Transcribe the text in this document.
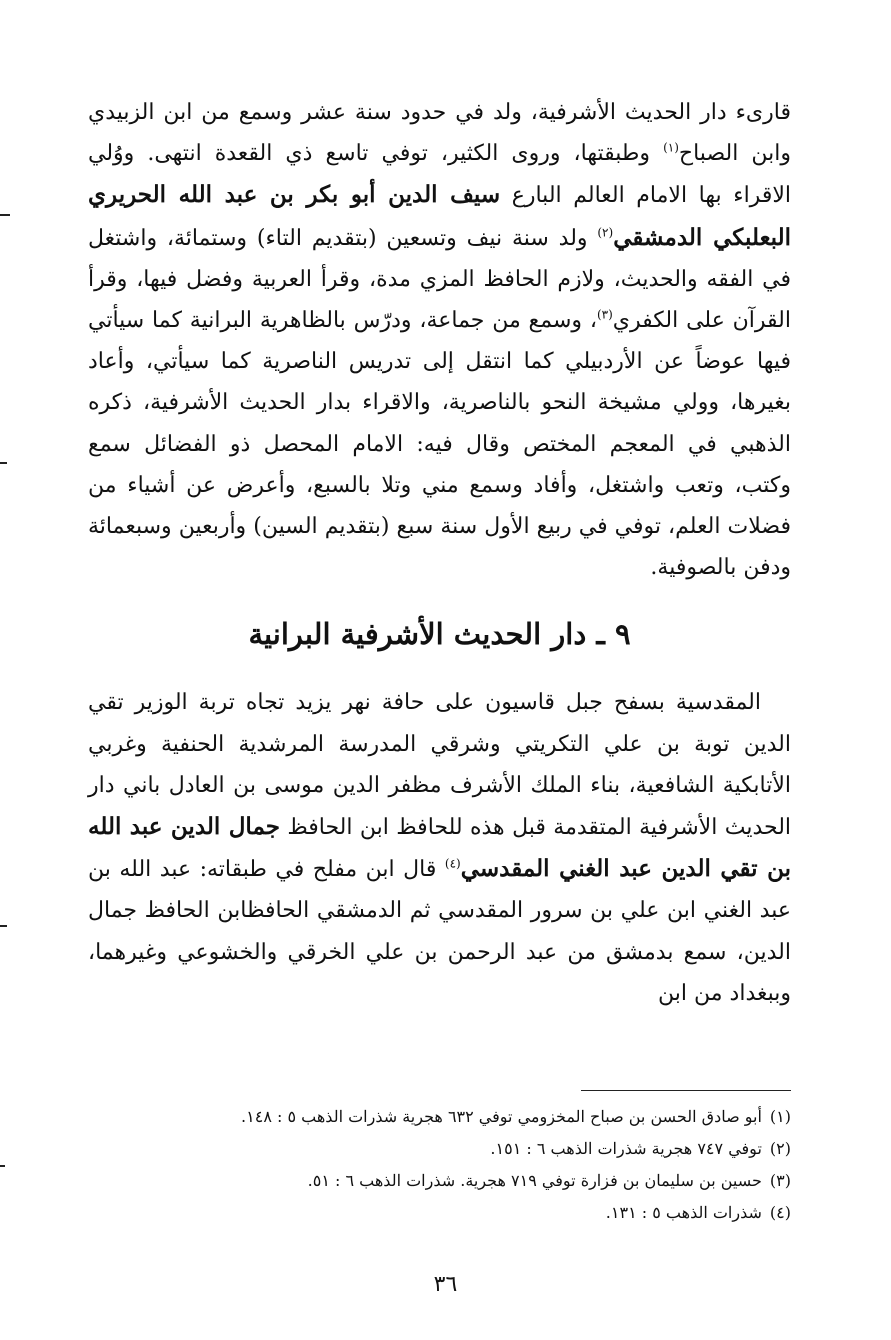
قارىء دار الحديث الأشرفية، ولد في حدود سنة عشر وسمع من ابن الزبيدي وابن الصباح$^{(١)}$ وطبقتها، وروى الكثير، توفي تاسع ذي القعدة انتهى. ووُلي الاقراء بها الامام العالم البارع سيف الدين أبو بكر بن عبد الله الحريري البعلبكي الدمشقي$^{(٢)}$ ولد سنة نيف وتسعين (بتقديم التاء) وستمائة، واشتغل في الفقه والحديث، ولازم الحافظ المزي مدة، وقرأ العربية وفضل فيها، وقرأ القرآن على الكفري$^{(٣)}$، وسمع من جماعة، ودرّس بالظاهرية البرانية كما سيأتي فيها عوضاً عن الأردبيلي كما انتقل إلى تدريس الناصرية كما سيأتي، وأعاد بغيرها، وولي مشيخة النحو بالناصرية، والاقراء بدار الحديث الأشرفية، ذكره الذهبي في المعجم المختص وقال فيه: الامام المحصل ذو الفضائل سمع وكتب، وتعب واشتغل، وأفاد وسمع مني وتلا بالسبع، وأعرض عن أشياء من فضلات العلم، توفي في ربيع الأول سنة سبع (بتقديم السين) وأربعين وسبعمائة ودفن بالصوفية.

٩ ـ دار الحديث الأشرفية البرانية

المقدسية بسفح جبل قاسيون على حافة نهر يزيد تجاه تربة الوزير تقي الدين توبة بن علي التكريتي وشرقي المدرسة المرشدية الحنفية وغربي الأتابكية الشافعية، بناء الملك الأشرف مظفر الدين موسى بن العادل باني دار الحديث الأشرفية المتقدمة قبل هذه للحافظ ابن الحافظ جمال الدين عبد الله بن تقي الدين عبد الغني المقدسي$^{(٤)}$ قال ابن مفلح في طبقاته: عبد الله بن عبد الغني ابن علي بن سرور المقدسي ثم الدمشقي الحافظابن الحافظ جمال الدين، سمع بدمشق من عبد الرحمن بن علي الخرقي والخشوعي وغيرهما، وببغداد من ابن

(١)
أبو صادق الحسن بن صباح المخزومي توفي ٦٣٢ هجرية شذرات الذهب ٥ : ١٤٨.
(٢)
توفي ٧٤٧ هجرية شذرات الذهب ٦ : ١٥١.
(٣)
حسين بن سليمان بن فزارة توفي ٧١٩ هجرية. شذرات الذهب ٦ : ٥١.
(٤)
شذرات الذهب ٥ : ١٣١.
٣٦
